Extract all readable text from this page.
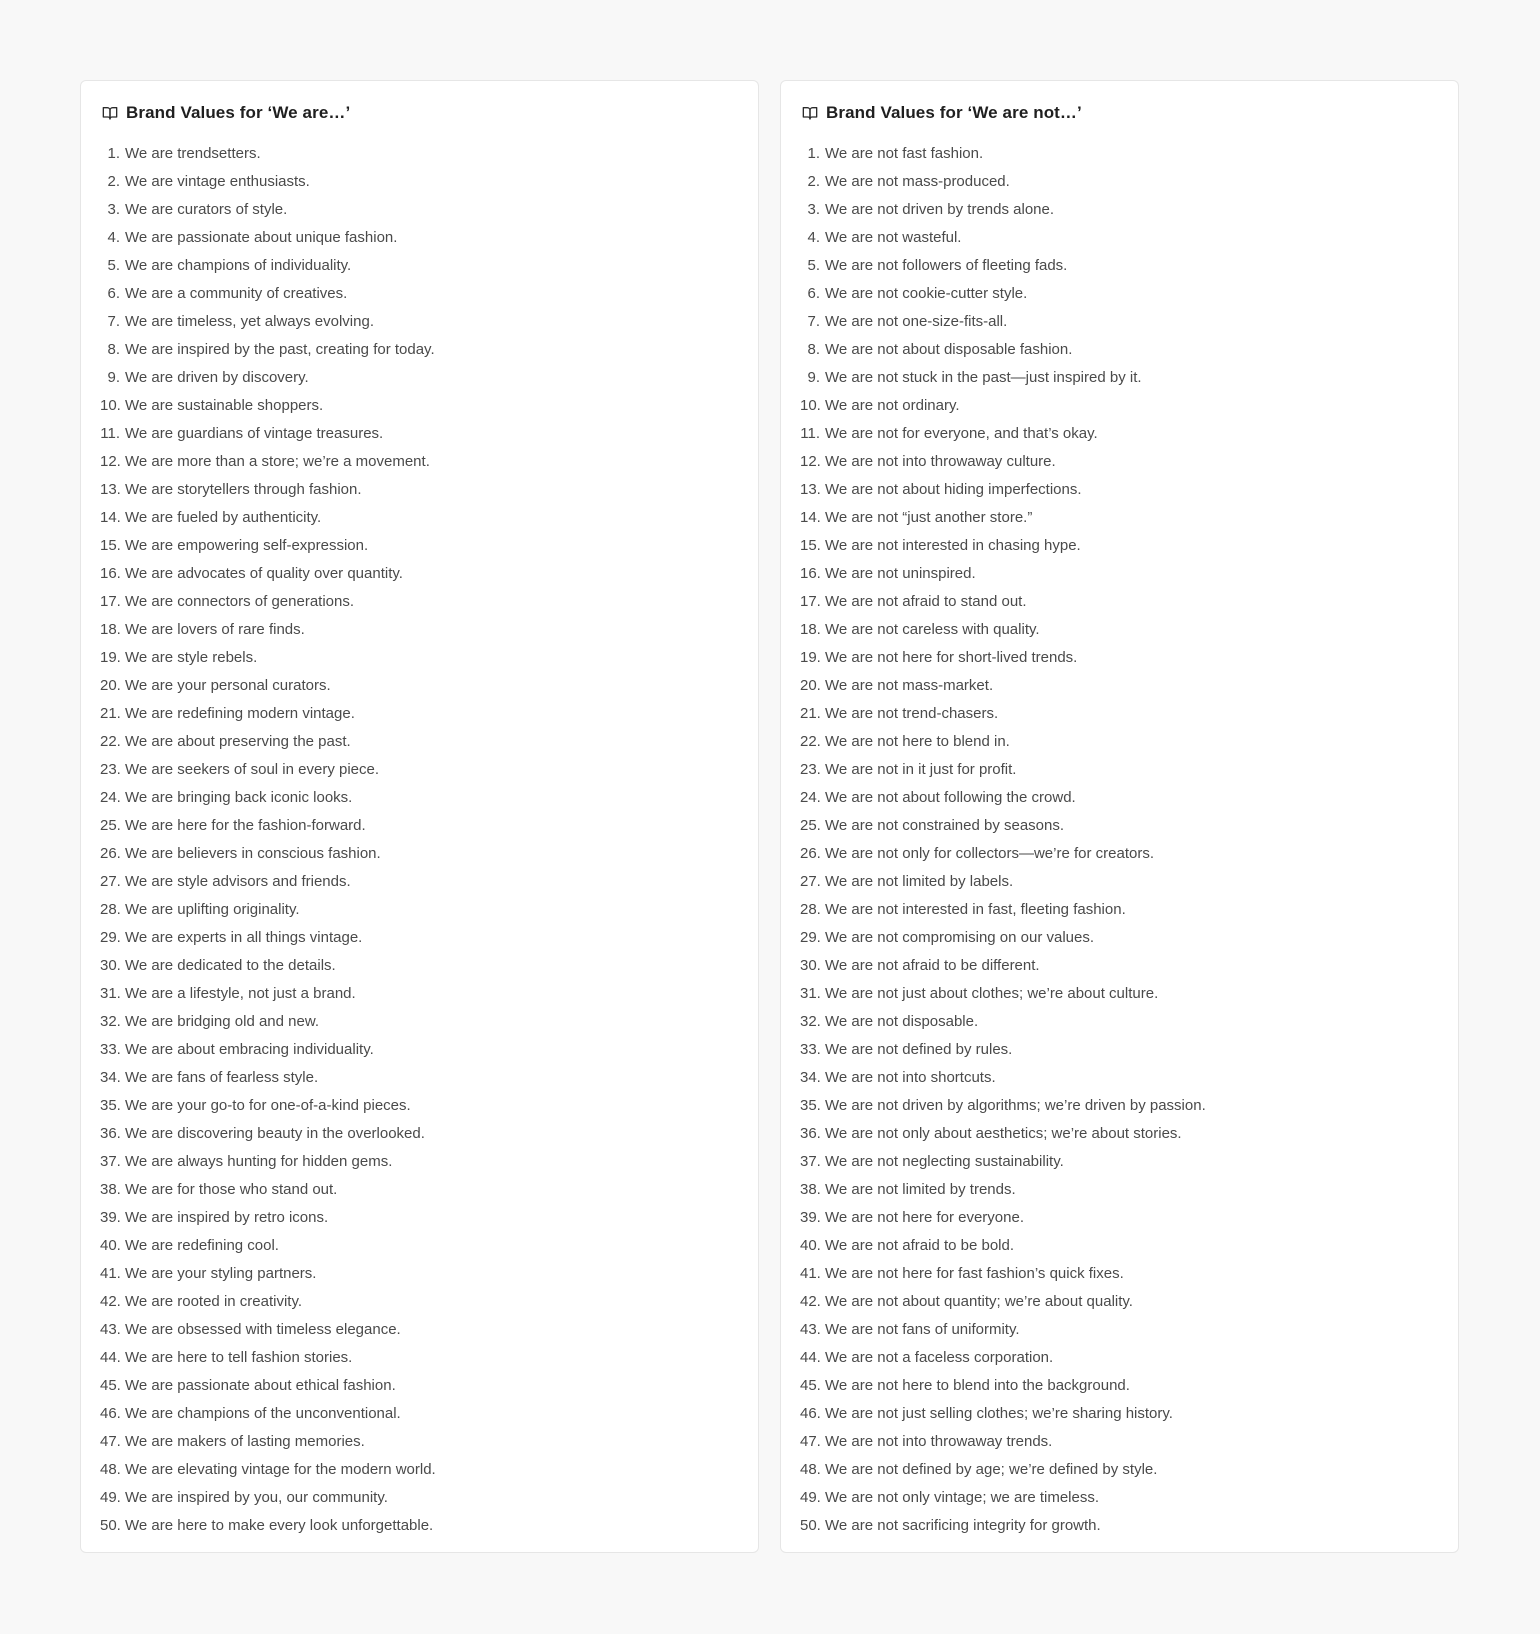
Brand Values for ‘We are…’
1. We are trendsetters.
2. We are vintage enthusiasts.
3. We are curators of style.
4. We are passionate about unique fashion.
5. We are champions of individuality.
6. We are a community of creatives.
7. We are timeless, yet always evolving.
8. We are inspired by the past, creating for today.
9. We are driven by discovery.
10. We are sustainable shoppers.
11. We are guardians of vintage treasures.
12. We are more than a store; we’re a movement.
13. We are storytellers through fashion.
14. We are fueled by authenticity.
15. We are empowering self-expression.
16. We are advocates of quality over quantity.
17. We are connectors of generations.
18. We are lovers of rare finds.
19. We are style rebels.
20. We are your personal curators.
21. We are redefining modern vintage.
22. We are about preserving the past.
23. We are seekers of soul in every piece.
24. We are bringing back iconic looks.
25. We are here for the fashion-forward.
26. We are believers in conscious fashion.
27. We are style advisors and friends.
28. We are uplifting originality.
29. We are experts in all things vintage.
30. We are dedicated to the details.
31. We are a lifestyle, not just a brand.
32. We are bridging old and new.
33. We are about embracing individuality.
34. We are fans of fearless style.
35. We are your go-to for one-of-a-kind pieces.
36. We are discovering beauty in the overlooked.
37. We are always hunting for hidden gems.
38. We are for those who stand out.
39. We are inspired by retro icons.
40. We are redefining cool.
41. We are your styling partners.
42. We are rooted in creativity.
43. We are obsessed with timeless elegance.
44. We are here to tell fashion stories.
45. We are passionate about ethical fashion.
46. We are champions of the unconventional.
47. We are makers of lasting memories.
48. We are elevating vintage for the modern world.
49. We are inspired by you, our community.
50. We are here to make every look unforgettable.
Brand Values for ‘We are not…’
1. We are not fast fashion.
2. We are not mass-produced.
3. We are not driven by trends alone.
4. We are not wasteful.
5. We are not followers of fleeting fads.
6. We are not cookie-cutter style.
7. We are not one-size-fits-all.
8. We are not about disposable fashion.
9. We are not stuck in the past—just inspired by it.
10. We are not ordinary.
11. We are not for everyone, and that’s okay.
12. We are not into throwaway culture.
13. We are not about hiding imperfections.
14. We are not “just another store.”
15. We are not interested in chasing hype.
16. We are not uninspired.
17. We are not afraid to stand out.
18. We are not careless with quality.
19. We are not here for short-lived trends.
20. We are not mass-market.
21. We are not trend-chasers.
22. We are not here to blend in.
23. We are not in it just for profit.
24. We are not about following the crowd.
25. We are not constrained by seasons.
26. We are not only for collectors—we’re for creators.
27. We are not limited by labels.
28. We are not interested in fast, fleeting fashion.
29. We are not compromising on our values.
30. We are not afraid to be different.
31. We are not just about clothes; we’re about culture.
32. We are not disposable.
33. We are not defined by rules.
34. We are not into shortcuts.
35. We are not driven by algorithms; we’re driven by passion.
36. We are not only about aesthetics; we’re about stories.
37. We are not neglecting sustainability.
38. We are not limited by trends.
39. We are not here for everyone.
40. We are not afraid to be bold.
41. We are not here for fast fashion’s quick fixes.
42. We are not about quantity; we’re about quality.
43. We are not fans of uniformity.
44. We are not a faceless corporation.
45. We are not here to blend into the background.
46. We are not just selling clothes; we’re sharing history.
47. We are not into throwaway trends.
48. We are not defined by age; we’re defined by style.
49. We are not only vintage; we are timeless.
50. We are not sacrificing integrity for growth.
